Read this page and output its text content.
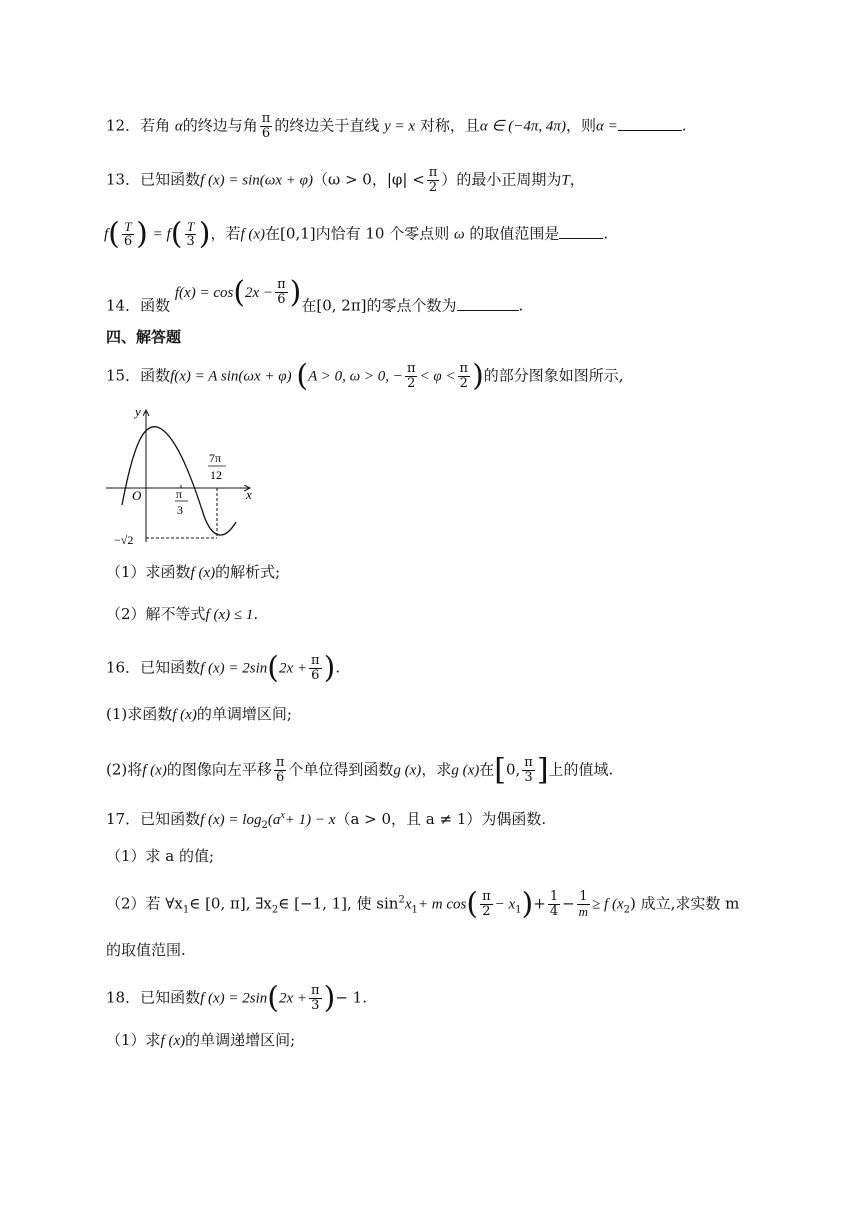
12．若角 α的终边与角 $\frac{\pi}{6}$ 的终边关于直线 y = x 对称，且α ∈ (−4π, 4π)，则α =	.
13．已知函数f (x) = sin(ωx + φ)（ω > 0，$|\varphi| < \frac{\pi}{2}$ ）的最小正周期为T，
$f( \frac{T}{6}$ ) = $f( \frac{T}{3}$ )，若f (x)在[0,1]内恰有 10 个零点则 ω 的取值范围是	.
14．函数 $f(x) = \cos(2x - \frac{\pi}{6}$ )在[0, 2π]的零点个数为	.
四、解答题
15．函数f(x) = A sin(ωx + φ) (A > 0, ω > 0, − $\frac{\pi}{2} < \varphi < \frac{\pi}{2}$ )的部分图象如图所示,
y
x
O	π
3
7π
12
−√2
（1）求函数f (x)的解析式;
（2）解不等式f (x) ≤ 1.
16．已知函数f $(x) = 2\sin(2x + \frac{\pi}{6}$ ).
(1)求函数f (x)的单调增区间;
(2)将f (x)的图像向左平移 $\frac{\pi}{6}$ 个单位得到函数g (x)，求g (x)在[0, $\frac{\pi}{3}$ ]上的值域.
17．已知函数f $(x) = \log_2(a^x+ 1) - x(a > 0$，且 a ≠ 1）为偶函数.
（1）求 a 的值;
（2）若 $\forall x_1\in$ [0, π], $\exists x_2\in$ [−1, 1], 使 $\sin^2x_1+ m$ $\cos( \frac{\pi}{2} - x_1)+ \frac{1}{4} - \frac{1}{m} \ge f$ $(x_2)$ 成立,求实数 m
的取值范围.
18．已知函数f $(x) = 2\sin(2x + \frac{\pi}{3}$ )− 1.
（1）求f (x)的单调递增区间;
